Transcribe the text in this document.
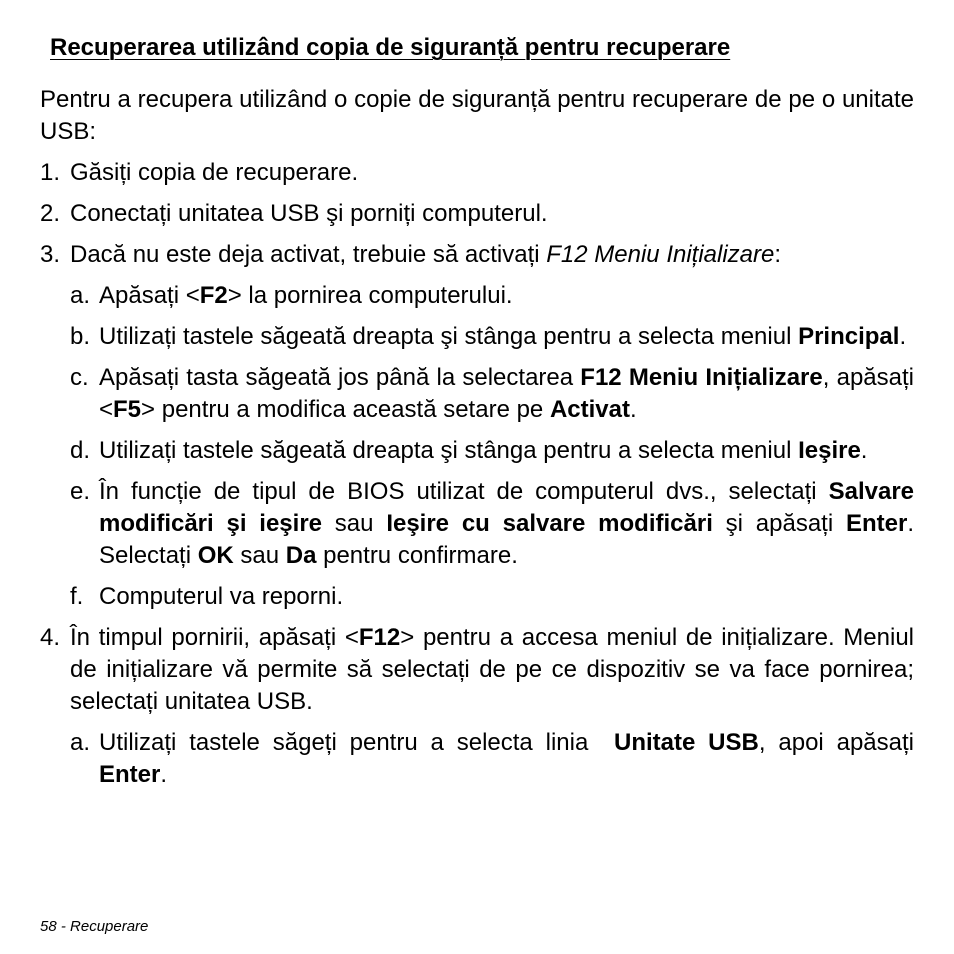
Recuperarea utilizând copia de siguranță pentru recuperare

Pentru a recupera utilizând o copie de siguranță pentru recuperare de pe o unitate USB:

1. Găsiți copia de recuperare.
2. Conectați unitatea USB şi porniți computerul.
3. Dacă nu este deja activat, trebuie să activați F12 Meniu Inițializare:
a. Apăsați <F2> la pornirea computerului.
b. Utilizați tastele săgeată dreapta şi stânga pentru a selecta meniul Principal.
c. Apăsați tasta săgeată jos până la selectarea F12 Meniu Inițializare, apăsați <F5> pentru a modifica această setare pe Activat.
d. Utilizați tastele săgeată dreapta şi stânga pentru a selecta meniul Ieşire.
e. În funcție de tipul de BIOS utilizat de computerul dvs., selectați Salvare modificări şi ieşire sau Ieşire cu salvare modificări şi apăsați Enter. Selectați OK sau Da pentru confirmare.
f. Computerul va reporni.
4. În timpul pornirii, apăsați <F12> pentru a accesa meniul de inițializare. Meniul de inițializare vă permite să selectați de pe ce dispozitiv se va face pornirea; selectați unitatea USB.
a. Utilizați tastele săgeți pentru a selecta linia  Unitate USB, apoi apăsați Enter.
58 - Recuperare
